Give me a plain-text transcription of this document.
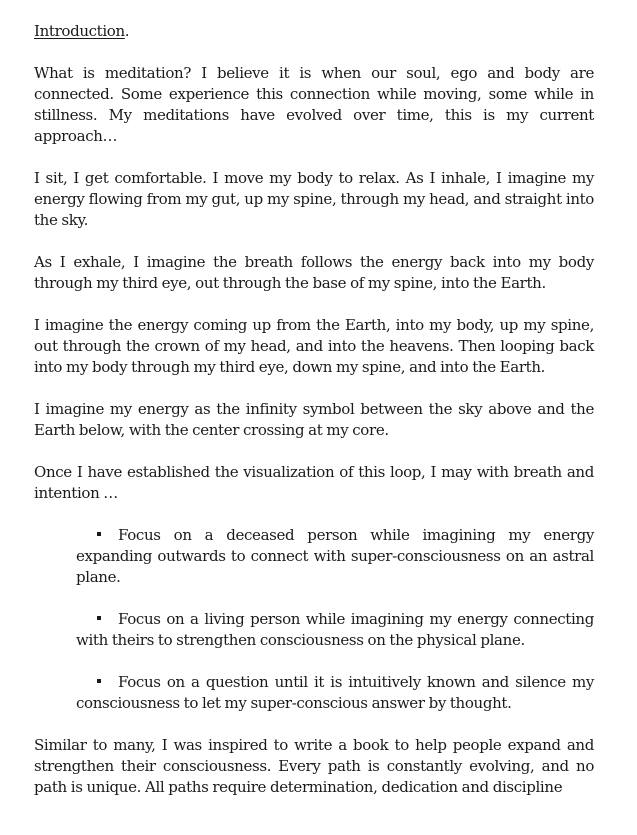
Introduction.

What is meditation? I believe it is when our soul, ego and body are connected. Some experience this connection while moving, some while in stillness. My meditations have evolved over time, this is my current approach…

I sit, I get comfortable. I move my body to relax. As I inhale, I imagine my energy flowing from my gut, up my spine, through my head, and straight into the sky.

As I exhale, I imagine the breath follows the energy back into my body through my third eye, out through the base of my spine, into the Earth.

I imagine the energy coming up from the Earth, into my body, up my spine, out through the crown of my head, and into the heavens. Then looping back into my body through my third eye, down my spine, and into the Earth.

I imagine my energy as the infinity symbol between the sky above and the Earth below, with the center crossing at my core.

Once I have established the visualization of this loop, I may with breath and intention …

Focus on a deceased person while imagining my energy expanding outwards to connect with super-consciousness on an astral plane.
Focus on a living person while imagining my energy connecting with theirs to strengthen consciousness on the physical plane.
Focus on a question until it is intuitively known and silence my consciousness to let my super-conscious answer by thought.

Similar to many, I was inspired to write a book to help people expand and strengthen their consciousness. Every path is constantly evolving, and no path is unique. All paths require determination, dedication and discipline
